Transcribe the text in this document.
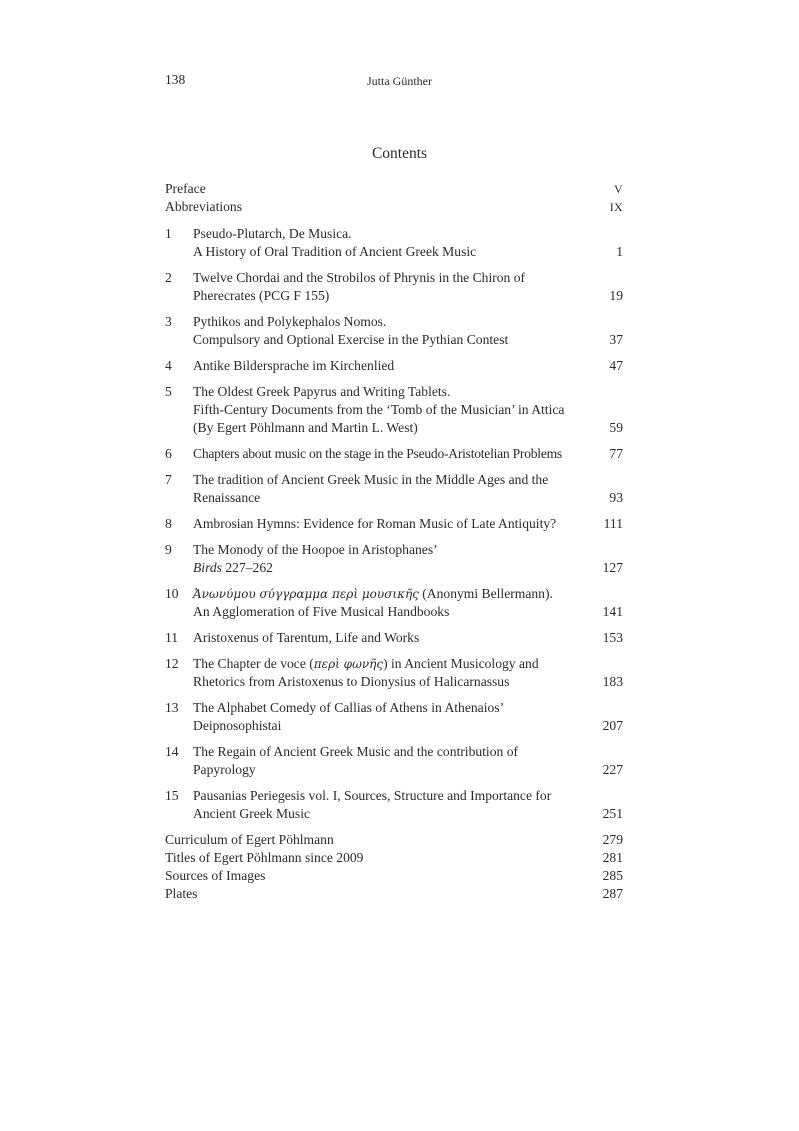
138	Jutta Günther
Contents
Preface	V
Abbreviations	IX
1	Pseudo-Plutarch, De Musica.
A History of Oral Tradition of Ancient Greek Music	1
2	Twelve Chordai and the Strobilos of Phrynis in the Chiron of
Pherecrates (PCG F 155)	19
3	Pythikos and Polykephalos Nomos.
Compulsory and Optional Exercise in the Pythian Contest	37
4	Antike Bildersprache im Kirchenlied	47
5	The Oldest Greek Papyrus and Writing Tablets.
Fifth-Century Documents from the ‘Tomb of the Musician’ in Attica
(By Egert Pöhlmann and Martin L. West)	59
6	Chapters about music on the stage in the Pseudo-Aristotelian Problems	77
7	The tradition of Ancient Greek Music in the Middle Ages and the
Renaissance	93
8	Ambrosian Hymns: Evidence for Roman Music of Late Antiquity?	111
9	The Monody of the Hoopoe in Aristophanes’
Birds 227–262	127
10	Ἀνωνύμου σύγγραμμα περὶ μουσικῆς (Anonymi Bellermann).
An Agglomeration of Five Musical Handbooks	141
11	Aristoxenus of Tarentum, Life and Works	153
12	The Chapter de voce (περὶ φωνῆς) in Ancient Musicology and
Rhetorics from Aristoxenus to Dionysius of Halicarnassus	183
13	The Alphabet Comedy of Callias of Athens in Athenaios’
Deipnosophistai	207
14	The Regain of Ancient Greek Music and the contribution of
Papyrology	227
15	Pausanias Periegesis vol. I, Sources, Structure and Importance for
Ancient Greek Music	251
Curriculum of Egert Pöhlmann	279
Titles of Egert Pöhlmann since 2009	281
Sources of Images	285
Plates	287
